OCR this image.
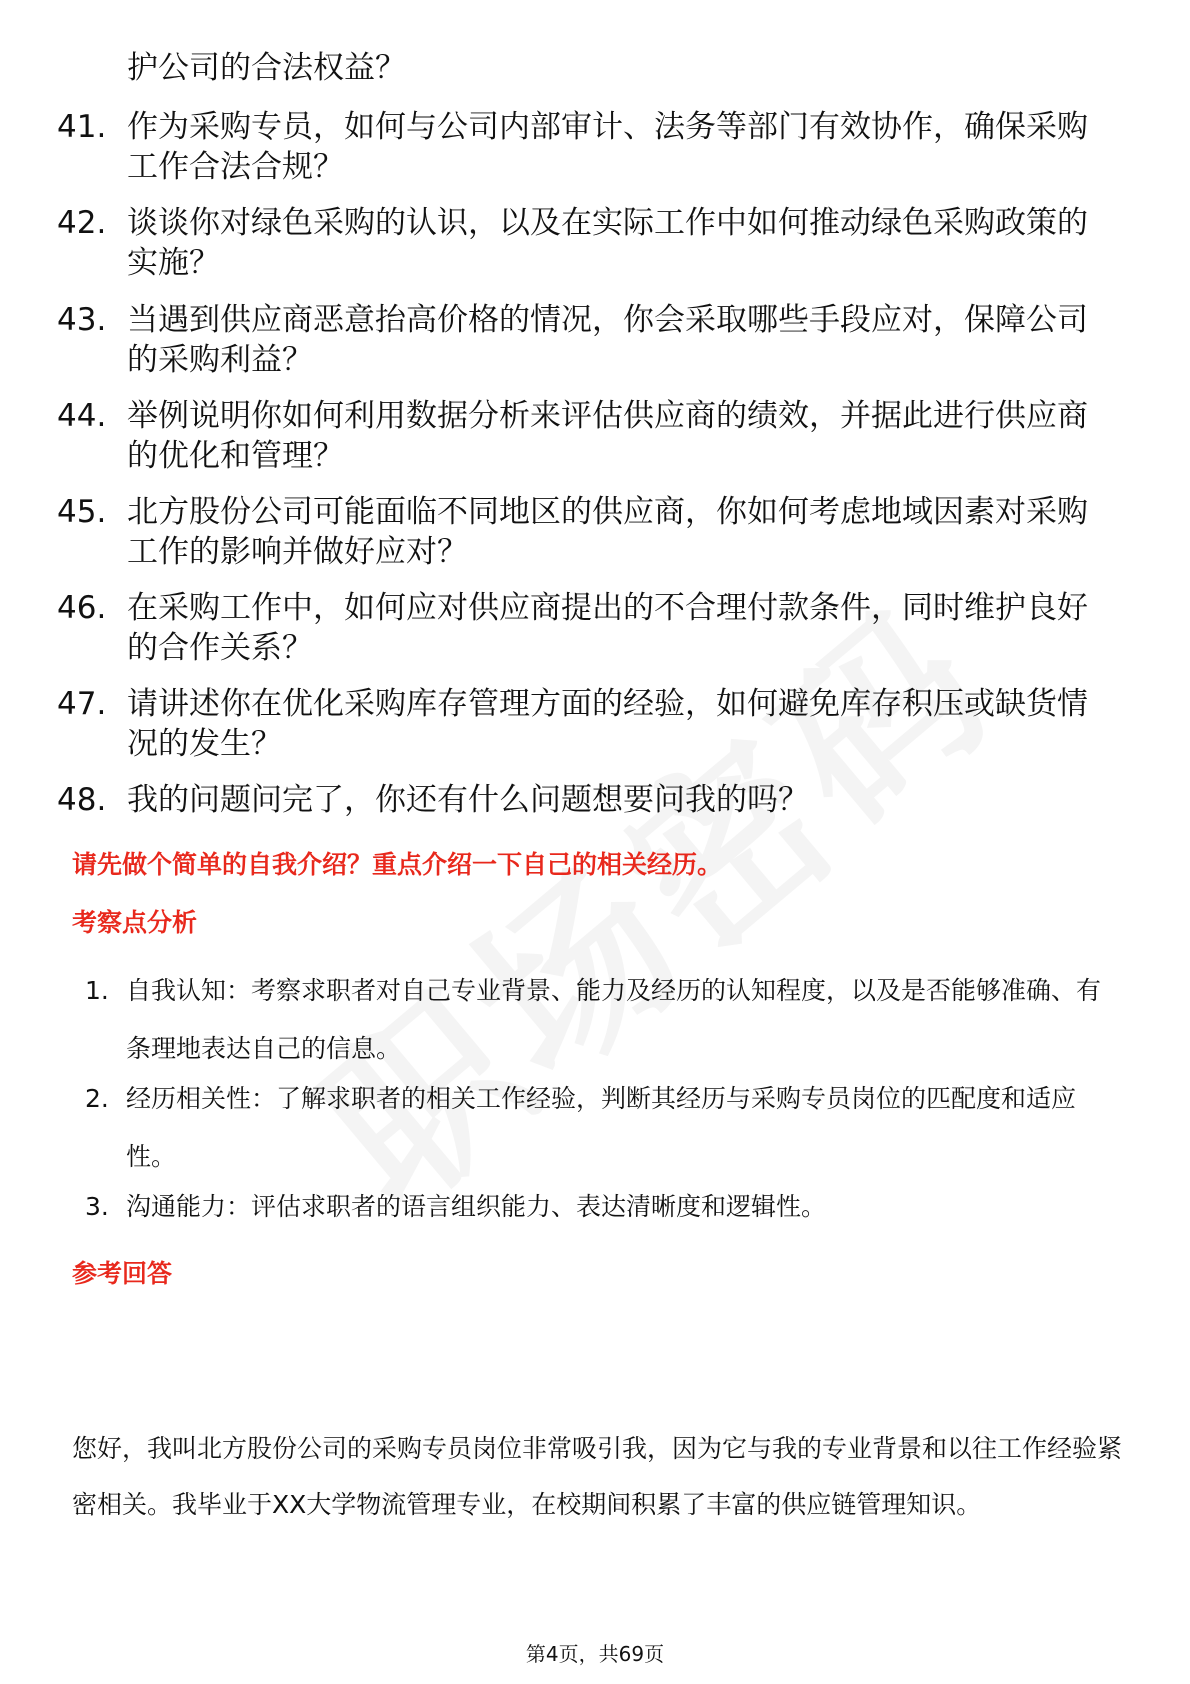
护公司的合法权益？
41. 作为采购专员，如何与公司内部审计、法务等部门有效协作，确保采购工作合法合规？
42. 谈谈你对绿色采购的认识，以及在实际工作中如何推动绿色采购政策的实施？
43. 当遇到供应商恶意抬高价格的情况，你会采取哪些手段应对，保障公司的采购利益？
44. 举例说明你如何利用数据分析来评估供应商的绩效，并据此进行供应商的优化和管理？
45. 北方股份公司可能面临不同地区的供应商，你如何考虑地域因素对采购工作的影响并做好应对？
46. 在采购工作中，如何应对供应商提出的不合理付款条件，同时维护良好的合作关系？
47. 请讲述你在优化采购库存管理方面的经验，如何避免库存积压或缺货情况的发生？
48. 我的问题问完了，你还有什么问题想要问我的吗？
请先做个简单的自我介绍？重点介绍一下自己的相关经历。
考察点分析
1. 自我认知：考察求职者对自己专业背景、能力及经历的认知程度，以及是否能够准确、有条理地表达自己的信息。
2. 经历相关性：了解求职者的相关工作经验，判断其经历与采购专员岗位的匹配度和适应性。
3. 沟通能力：评估求职者的语言组织能力、表达清晰度和逻辑性。
参考回答
您好，我叫北方股份公司的采购专员岗位非常吸引我，因为它与我的专业背景和以往工作经验紧密相关。我毕业于XX大学物流管理专业，在校期间积累了丰富的供应链管理知识。
第4页，共69页
